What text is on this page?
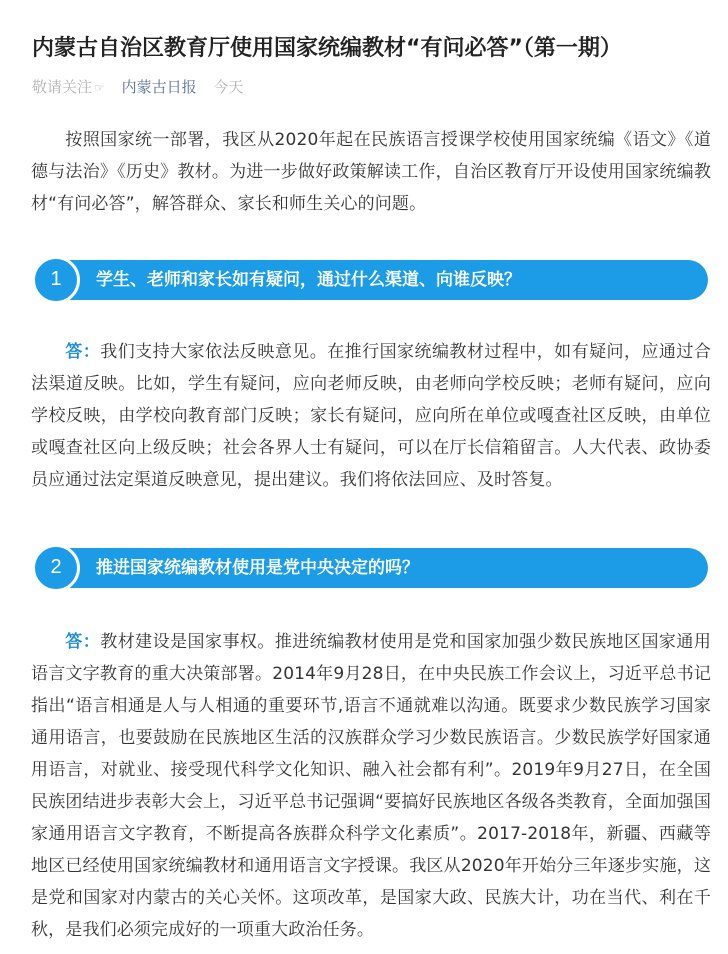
内蒙古自治区教育厅使用国家统编教材“有问必答”（第一期）
敬请关注 ☞ 内蒙古日报 今天
按照国家统一部署，我区从2020年起在民族语言授课学校使用国家统编《语文》《道德与法治》《历史》教材。为进一步做好政策解读工作，自治区教育厅开设使用国家统编教材“有问必答”，解答群众、家长和师生关心的问题。
1	学生、老师和家长如有疑问，通过什么渠道、向谁反映？
答：我们支持大家依法反映意见。在推行国家统编教材过程中，如有疑问，应通过合法渠道反映。比如，学生有疑问，应向老师反映，由老师向学校反映；老师有疑问，应向学校反映，由学校向教育部门反映；家长有疑问，应向所在单位或嘎查社区反映，由单位或嘎查社区向上级反映；社会各界人士有疑问，可以在厅长信箱留言。人大代表、政协委员应通过法定渠道反映意见，提出建议。我们将依法回应、及时答复。
2	推进国家统编教材使用是党中央决定的吗？
答：教材建设是国家事权。推进统编教材使用是党和国家加强少数民族地区国家通用语言文字教育的重大决策部署。2014年9月28日，在中央民族工作会议上，习近平总书记指出“语言相通是人与人相通的重要环节,语言不通就难以沟通。既要求少数民族学习国家通用语言，也要鼓励在民族地区生活的汉族群众学习少数民族语言。少数民族学好国家通用语言，对就业、接受现代科学文化知识、融入社会都有利”。2019年9月27日，在全国民族团结进步表彰大会上，习近平总书记强调“要搞好民族地区各级各类教育，全面加强国家通用语言文字教育，不断提高各族群众科学文化素质”。2017-2018年，新疆、西藏等地区已经使用国家统编教材和通用语言文字授课。我区从2020年开始分三年逐步实施，这是党和国家对内蒙古的关心关怀。这项改革，是国家大政、民族大计，功在当代、利在千秋，是我们必须完成好的一项重大政治任务。
